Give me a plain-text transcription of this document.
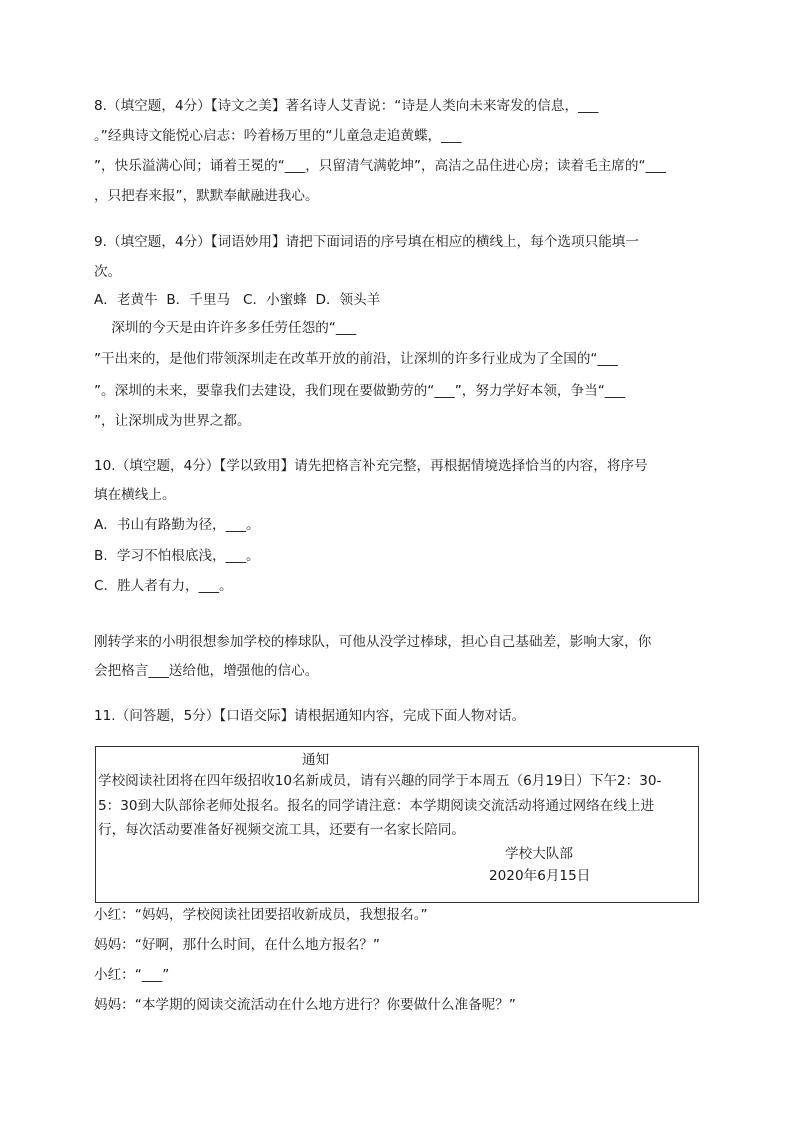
8.（填空题，4分）【诗文之美】著名诗人艾青说：“诗是人类向未来寄发的信息，___
。”经典诗文能悦心启志：吟着杨万里的“儿童急走追黄蝶，___
”，快乐溢满心间；诵着王冕的“___，只留清气满乾坤”，高洁之品住进心房；读着毛主席的“___
，只把春来报”，默默奉献融进我心。
9.（填空题，4分）【词语妙用】请把下面词语的序号填在相应的横线上，每个选项只能填一
次。
A．老黄牛  B．千里马   C．小蜜蜂  D．领头羊
深圳的今天是由许许多多任劳任怨的“___
”干出来的，是他们带领深圳走在改革开放的前沿，让深圳的许多行业成为了全国的“___
”。深圳的未来，要靠我们去建设，我们现在要做勤劳的“___”，努力学好本领，争当“___
”，让深圳成为世界之都。
10.（填空题，4分）【学以致用】请先把格言补充完整，再根据情境选择恰当的内容，将序号
填在横线上。
A．书山有路勤为径，___。
B．学习不怕根底浅，___。
C．胜人者有力，___。
刚转学来的小明很想参加学校的棒球队，可他从没学过棒球，担心自己基础差，影响大家，你
会把格言___送给他，增强他的信心。
11.（问答题，5分）【口语交际】请根据通知内容，完成下面人物对话。
通知
学校阅读社团将在四年级招收10名新成员，请有兴趣的同学于本周五（6月19日）下午2：30-
5：30到大队部徐老师处报名。报名的同学请注意：本学期阅读交流活动将通过网络在线上进
行，每次活动要准备好视频交流工具，还要有一名家长陪同。
学校大队部
2020年6月15日
小红：“妈妈，学校阅读社团要招收新成员，我想报名。”
妈妈：“好啊，那什么时间，在什么地方报名？”
小红：“___”
妈妈：“本学期的阅读交流活动在什么地方进行？你要做什么准备呢？”
